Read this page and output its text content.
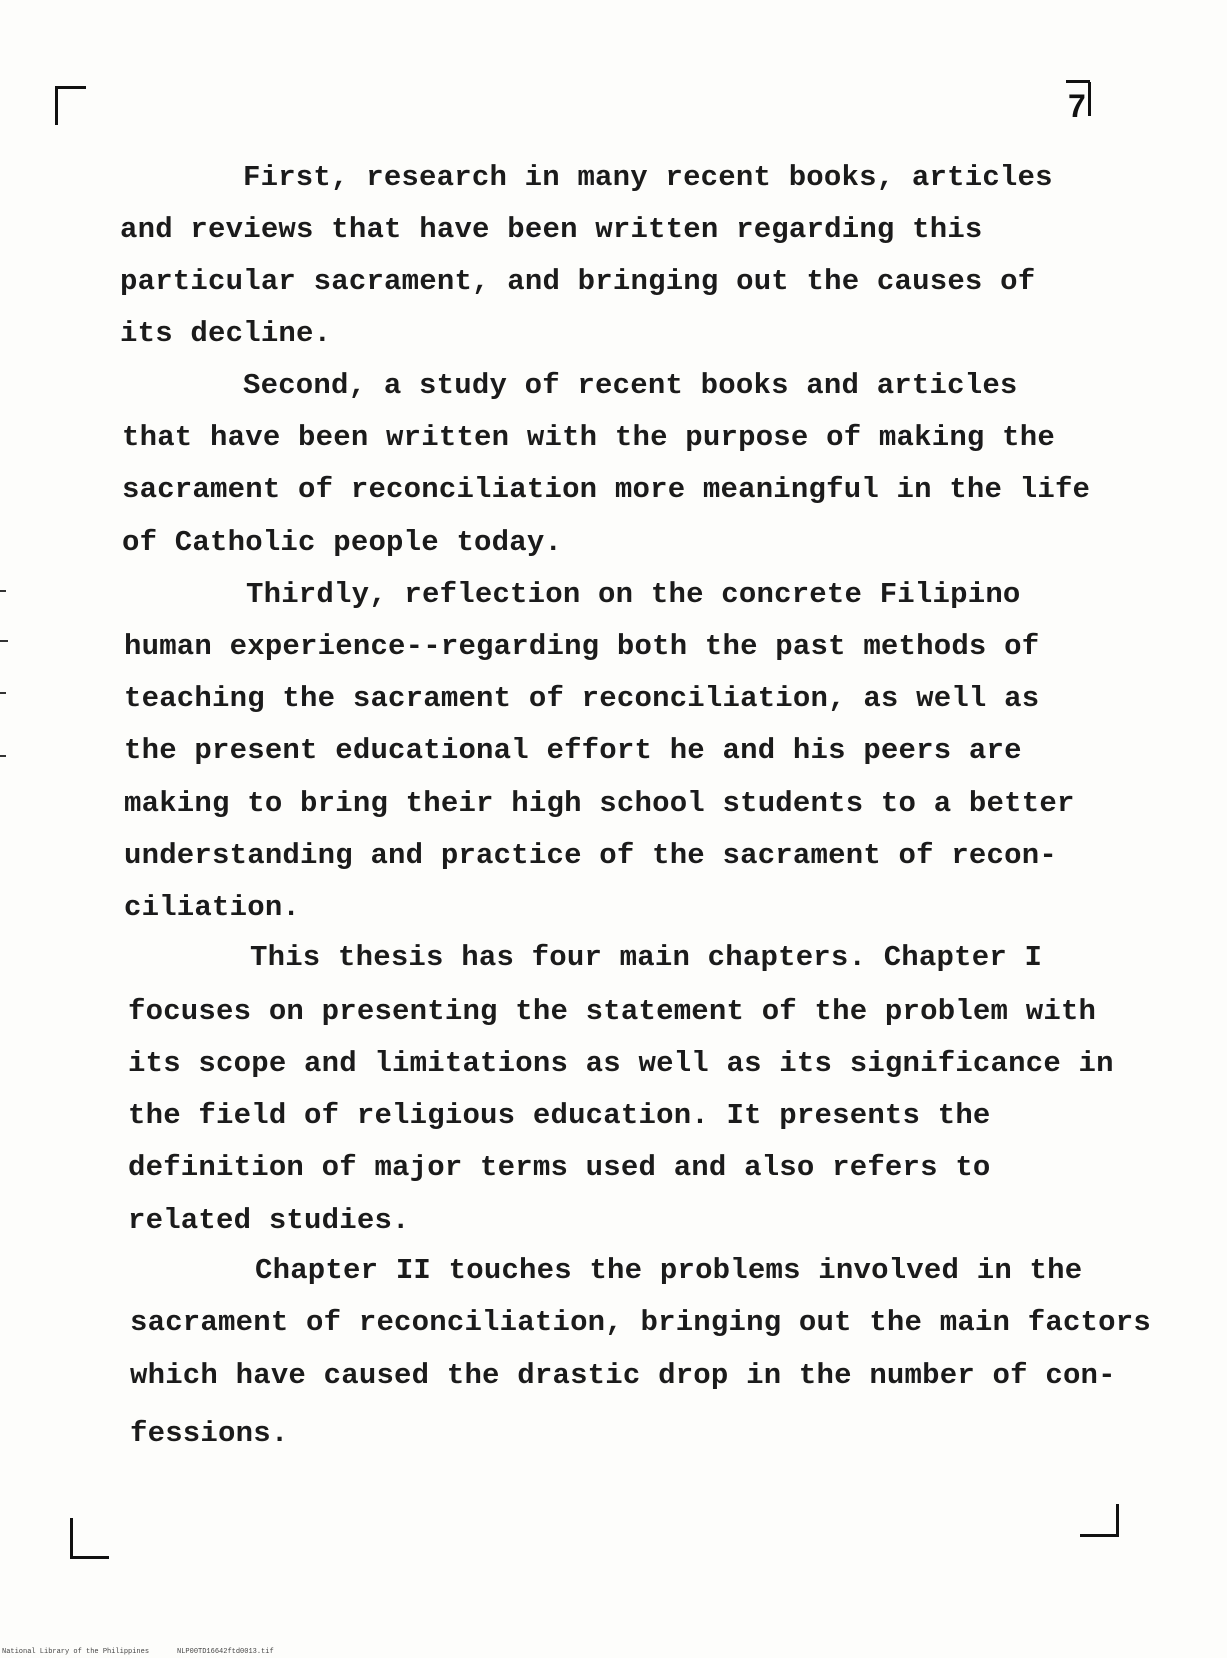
7
First, research in many recent books, articles
and reviews that have been written regarding this
particular sacrament, and bringing out the causes of
its decline.
Second, a study of recent books and articles
that have been written with the purpose of making the
sacrament of reconciliation more meaningful in the life
of Catholic people today.
Thirdly, reflection on the concrete Filipino
human experience--regarding both the past methods of
teaching the sacrament of reconciliation, as well as
the present educational effort he and his peers are
making to bring their high school students to a better
understanding and practice of the sacrament of recon-
ciliation.
This thesis has four main chapters. Chapter I
focuses on presenting the statement of the problem with
its scope and limitations as well as its significance in
the field of religious education. It presents the
definition of major terms used and also refers to
related studies.
Chapter II touches the problems involved in the
sacrament of reconciliation, bringing out the main factors
which have caused the drastic drop in the number of con-
fessions.
National Library of the Philippines	NLP00TD16642ftd0013.tif
